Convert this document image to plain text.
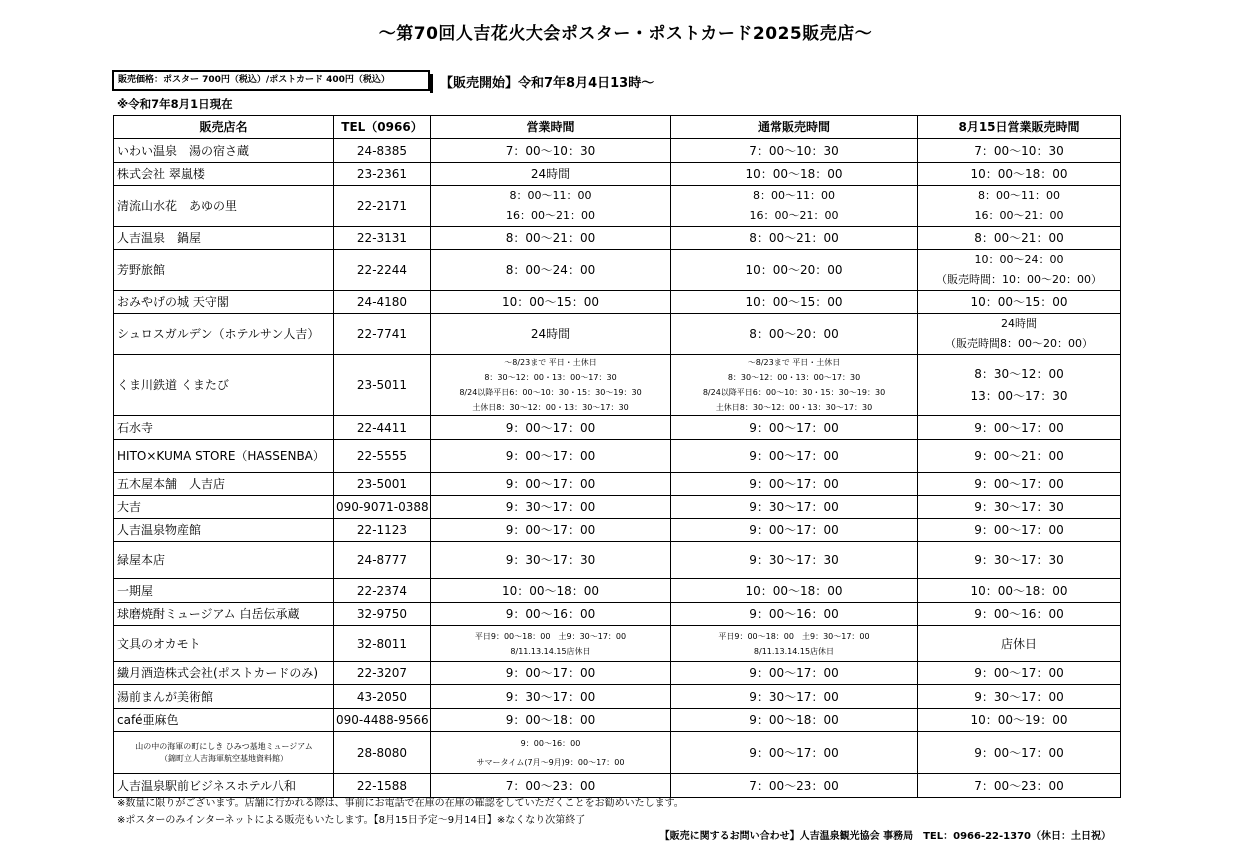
～第70回人吉花火大会ポスター・ポストカード2025販売店～
販売価格：ポスター 700円（税込）/ポストカード 400円（税込）	【販売開始】令和7年8月4日13時～
※令和7年8月1日現在
販売店名	TEL（0966）	営業時間	通常販売時間	8月15日営業販売時間
いわい温泉　湯の宿さ蔵	24-8385	7：00～10：30	7：00～10：30	7：00～10：30
株式会社 翠嵐楼	23-2361	24時間	10：00～18：00	10：00～18：00
清流山水花　あゆの里	22-2171	8：00～11：00
16：00～21：00	8：00～11：00
16：00～21：00	8：00～11：00
16：00～21：00

人吉温泉　鍋屋	22-3131	8：00～21：00	8：00～21：00	8：00～21：00
芳野旅館	22-2244	8：00～24：00	10：00～20：00	10：00～24：00
（販売時間：10：00～20：00）

おみやげの城 天守閣	24-4180	10：00～15：00	10：00～15：00	10：00～15：00
シュロスガルデン（ホテルサン人吉）	22-7741	24時間	8：00～20：00	24時間
（販売時間8：00～20：00）

くま川鉄道 くまたび	23-5011	～8/23まで 平日・土休日
8：30～12：00・13：00～17：30
8/24以降平日6：00～10：30・15：30～19：30
土休日8：30～12：00・13：30～17：30	～8/23まで 平日・土休日
8：30～12：00・13：00～17：30
8/24以降平日6：00～10：30・15：30～19：30
土休日8：30～12：00・13：30～17：30	8：30～12：00
13：00～17：30

石水寺	22-4411	9：00～17：00	9：00～17：00	9：00～17：00
HITO×KUMA STORE（HASSENBA）	22-5555	9：00～17：00	9：00～17：00	9：00～21：00
五木屋本舗　人吉店	23-5001	9：00～17：00	9：00～17：00	9：00～17：00
大吉	090-9071-0388	9：30～17：00	9：30～17：00	9：30～17：30
人吉温泉物産館	22-1123	9：00～17：00	9：00～17：00	9：00～17：00
緑屋本店	24-8777	9：30～17：30	9：30～17：30	9：30～17：30
一期屋	22-2374	10：00～18：00	10：00～18：00	10：00～18：00
球磨焼酎ミュージアム 白岳伝承蔵	32-9750	9：00～16：00	9：00～16：00	9：00～16：00
文具のオカモト	32-8011	平日9：00～18：00　土9：30～17：00
8/11.13.14.15店休日	平日9：00～18：00　土9：30～17：00
8/11.13.14.15店休日	店休日
繊月酒造株式会社(ポストカードのみ)	22-3207	9：00～17：00	9：00～17：00	9：00～17：00
湯前まんが美術館	43-2050	9：30～17：00	9：30～17：00	9：30～17：00
café亜麻色	090-4488-9566	9：00～18：00	9：00～18：00	10：00～19：00

山の中の海軍の町にしき ひみつ基地ミュージアム
（錦町立人吉海軍航空基地資料館）	28-8080	9：00～16：00
サマータイム(7月～9月)9：00～17：00	9：00～17：00	9：00～17：00
人吉温泉駅前ビジネスホテル八和	22-1588	7：00～23：00	7：00～23：00	7：00～23：00
※数量に限りがございます。店舗に行かれる際は、事前にお電話で在庫の在庫の確認をしていただくことをお勧めいたします。
※ポスターのみインターネットによる販売もいたします。【8月15日予定～9月14日】※なくなり次第終了
【販売に関するお問い合わせ】人吉温泉観光協会 事務局　TEL：0966-22-1370（休日：土日祝）
